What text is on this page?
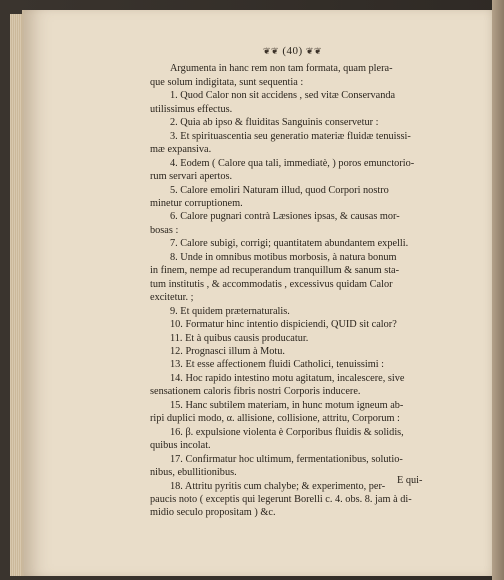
❦❦ (40) ❦❦
Argumenta in hanc rem non tam formata, quam plera-
que solum indigitata, sunt sequentia :
1. Quod Calor non sit accidens , sed vitæ Conservanda
utilissimus effectus.
2. Quia ab ipso & fluiditas Sanguinis conservetur :
3. Et spirituascentia seu generatio materiæ fluidæ tenuissi-
mæ expansiva.
4. Eodem ( Calore qua tali, immediatè, ) poros emunctorio-
rum servari apertos.
5. Calore emoliri Naturam illud, quod Corpori nostro
minetur corruptionem.
6. Calore pugnari contrà Læsiones ipsas, & causas mor-
bosas :
7. Calore subigi, corrigi; quantitatem abundantem expelli.
8. Unde in omnibus motibus morbosis, à natura bonum
in finem, nempe ad recuperandum tranquillum & sanum sta-
tum institutis , & accommodatis , excessivus quidam Calor
excitetur. ;
9. Et quidem præternaturalis.
10. Formatur hinc intentio dispiciendi, QUID sit calor?
11. Et à quibus causis producatur.
12. Prognasci illum à Motu.
13. Et esse affectionem fluidi Catholici, tenuissimi :
14. Hoc rapido intestino motu agitatum, incalescere, sive
sensationem caloris fibris nostri Corporis inducere.
15. Hanc subtilem materiam, in hunc motum igneum ab-
ripi duplici modo, α. allisione, collisione, attritu, Corporum :
16. β. expulsione violenta è Corporibus fluidis & solidis,
quibus incolat.
17. Confirmatur hoc ultimum, fermentationibus, solutio-
nibus, ebullitionibus.
18. Attritu pyritis cum chalybe; & experimento, per-
paucis noto ( exceptis qui legerunt Borelli c. 4. obs. 8. jam à di-
midio seculo propositam ) &c.
E qui-
